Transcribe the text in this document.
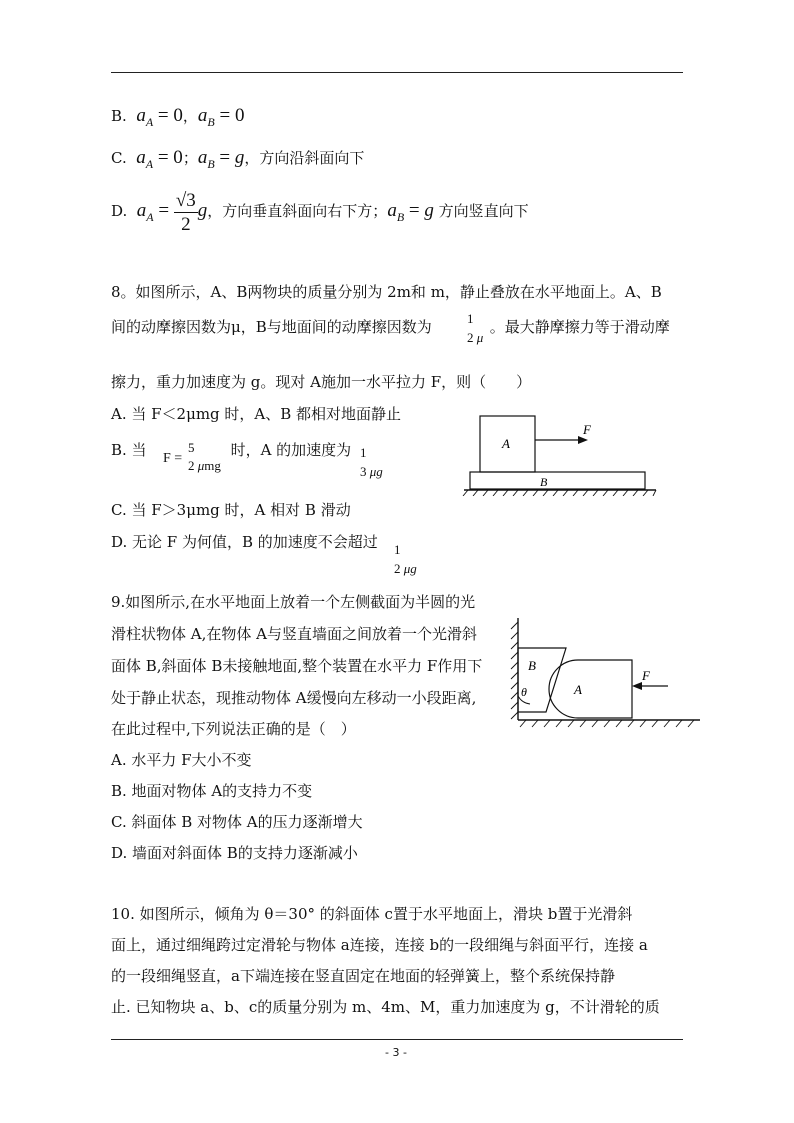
B.  $a_A = 0$，$a_B = 0$
C.  $a_A = 0$；$a_B = g$，方向沿斜面向下
D.  $a_A = \frac{√3}{2}$ g，方向垂直斜面向右下方；$a_B = g$ 方向竖直向下
8。如图所示，A、B两物块的质量分别为 2m和 m，静止叠放在水平地面上。A、B
间的动摩擦因数为μ，B与地面间的动摩擦因数为	。最大静摩擦力等于滑动摩
1
2 μ
擦力，重力加速度为 g。现对 A施加一水平拉力 F，则（　　）
A. 当 F＜2μmg 时，A、B 都相对地面静止
B. 当	时，A 的加速度为
F =
5
2 μmg
1
3 μg
C. 当 F＞3μmg 时，A 相对 B 滑动
D. 无论 F 为何值，B 的加速度不会超过 1
2 μg
A
F
B
9.如图所示,在水平地面上放着一个左侧截面为半圆的光
滑柱状物体 A,在物体 A与竖直墙面之间放着一个光滑斜
面体 B,斜面体 B未接触地面,整个装置在水平力 F作用下
处于静止状态，现推动物体 A缓慢向左移动一小段距离,
在此过程中,下列说法正确的是（　）
A. 水平力 F大小不变
B. 地面对物体 A的支持力不变
C. 斜面体 B 对物体 A的压力逐渐增大
D. 墙面对斜面体 B的支持力逐渐减小
B
A
F
θ
10. 如图所示，倾角为 θ＝30° 的斜面体 c置于水平地面上，滑块 b置于光滑斜
面上，通过细绳跨过定滑轮与物体 a连接，连接 b的一段细绳与斜面平行，连接 a
的一段细绳竖直，a下端连接在竖直固定在地面的轻弹簧上，整个系统保持静
止. 已知物块 a、b、c的质量分别为 m、4m、M，重力加速度为 g，不计滑轮的质
- 3 -
